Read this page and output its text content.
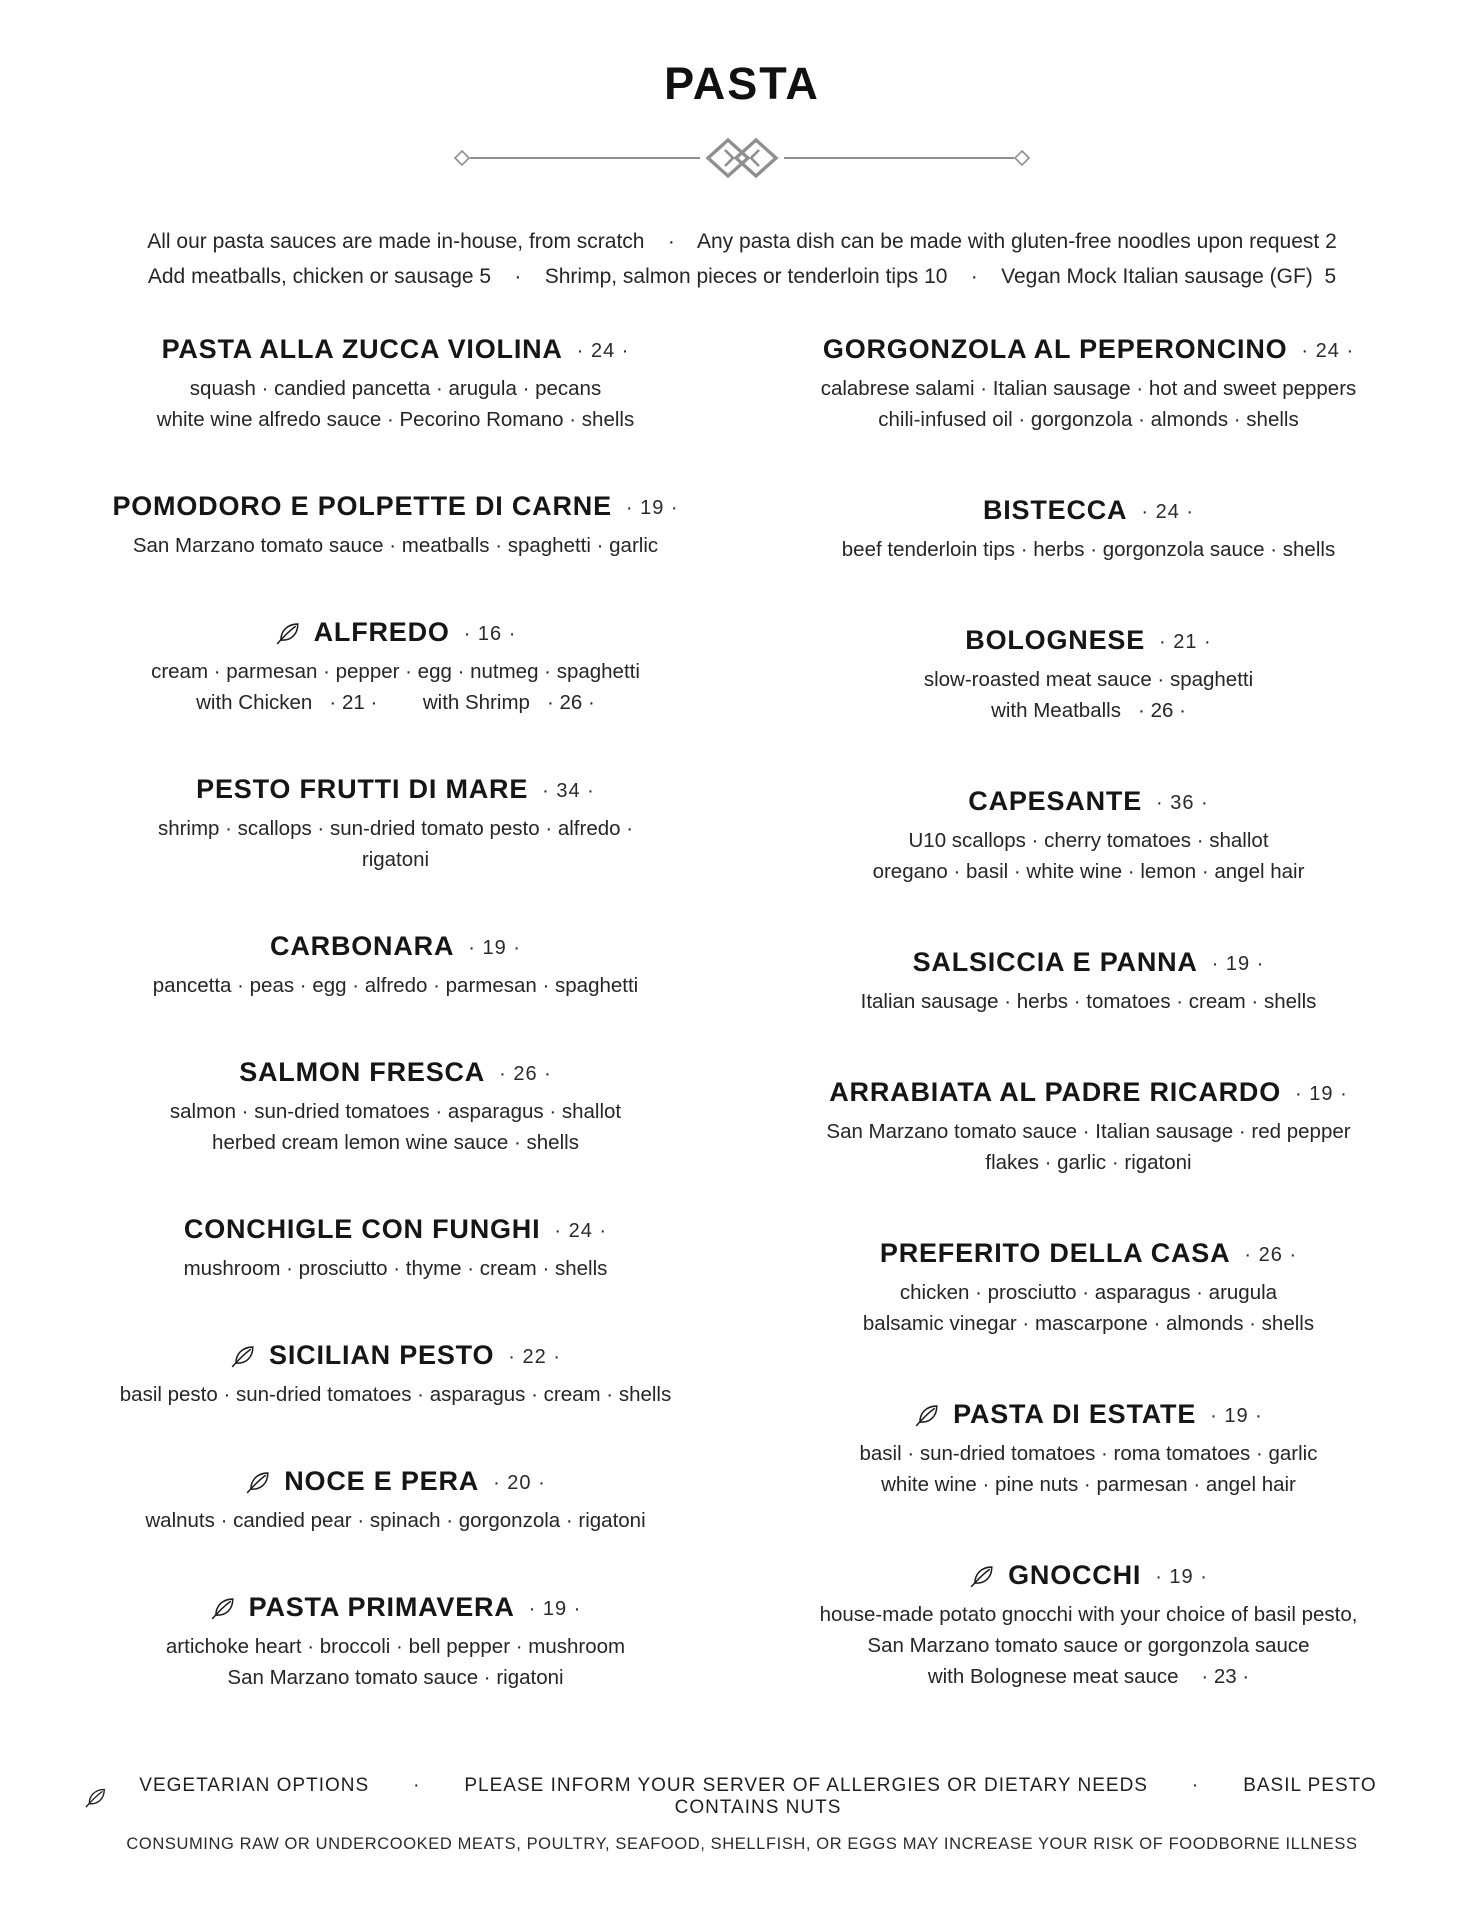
PASTA

All our pasta sauces are made in-house, from scratch    ·    Any pasta dish can be made with gluten-free noodles upon request 2

Add meatballs, chicken or sausage 5    ·    Shrimp, salmon pieces or tenderloin tips 10    ·    Vegan Mock Italian sausage (GF)  5

PASTA ALLA ZUCCA VIOLINA · 24 ·
squash · candied pancetta · arugula · pecans
white wine alfredo sauce · Pecorino Romano · shells
POMODORO E POLPETTE DI CARNE · 19 ·
San Marzano tomato sauce · meatballs · spaghetti · garlic
ALFREDO · 16 ·
cream · parmesan · pepper · egg · nutmeg · spaghetti
with Chicken   · 21 ·        with Shrimp   · 26 ·
PESTO FRUTTI DI MARE · 34 ·
shrimp · scallops · sun-dried tomato pesto · alfredo ·
rigatoni
CARBONARA · 19 ·
pancetta · peas · egg · alfredo · parmesan · spaghetti
SALMON FRESCA · 26 ·
salmon · sun-dried tomatoes · asparagus · shallot
herbed cream lemon wine sauce · shells
CONCHIGLE CON FUNGHI · 24 ·
mushroom · prosciutto · thyme · cream · shells
SICILIAN PESTO · 22 ·
basil pesto · sun-dried tomatoes · asparagus · cream · shells
NOCE E PERA · 20 ·
walnuts · candied pear · spinach · gorgonzola · rigatoni
PASTA PRIMAVERA · 19 ·
artichoke heart · broccoli · bell pepper · mushroom
San Marzano tomato sauce · rigatoni
GORGONZOLA AL PEPERONCINO · 24 ·
calabrese salami · Italian sausage · hot and sweet peppers
chili-infused oil · gorgonzola · almonds · shells
BISTECCA · 24 ·
beef tenderloin tips · herbs · gorgonzola sauce · shells
BOLOGNESE · 21 ·
slow-roasted meat sauce · spaghetti
with Meatballs   · 26 ·
CAPESANTE · 36 ·
U10 scallops · cherry tomatoes · shallot
oregano · basil · white wine · lemon · angel hair
SALSICCIA E PANNA · 19 ·
Italian sausage · herbs · tomatoes · cream · shells
ARRABIATA AL PADRE RICARDO · 19 ·
San Marzano tomato sauce · Italian sausage · red pepper
flakes · garlic · rigatoni
PREFERITO DELLA CASA · 26 ·
chicken · prosciutto · asparagus · arugula
balsamic vinegar · mascarpone · almonds · shells
PASTA DI ESTATE · 19 ·
basil · sun-dried tomatoes · roma tomatoes · garlic
white wine · pine nuts · parmesan · angel hair
GNOCCHI · 19 ·
house-made potato gnocchi with your choice of basil pesto,
San Marzano tomato sauce or gorgonzola sauce
with Bolognese meat sauce    · 23 ·
VEGETARIAN OPTIONS       ·       PLEASE INFORM YOUR SERVER OF ALLERGIES OR DIETARY NEEDS       ·       BASIL PESTO CONTAINS NUTS

CONSUMING RAW OR UNDERCOOKED MEATS, POULTRY, SEAFOOD, SHELLFISH, OR EGGS MAY INCREASE YOUR RISK OF FOODBORNE ILLNESS
